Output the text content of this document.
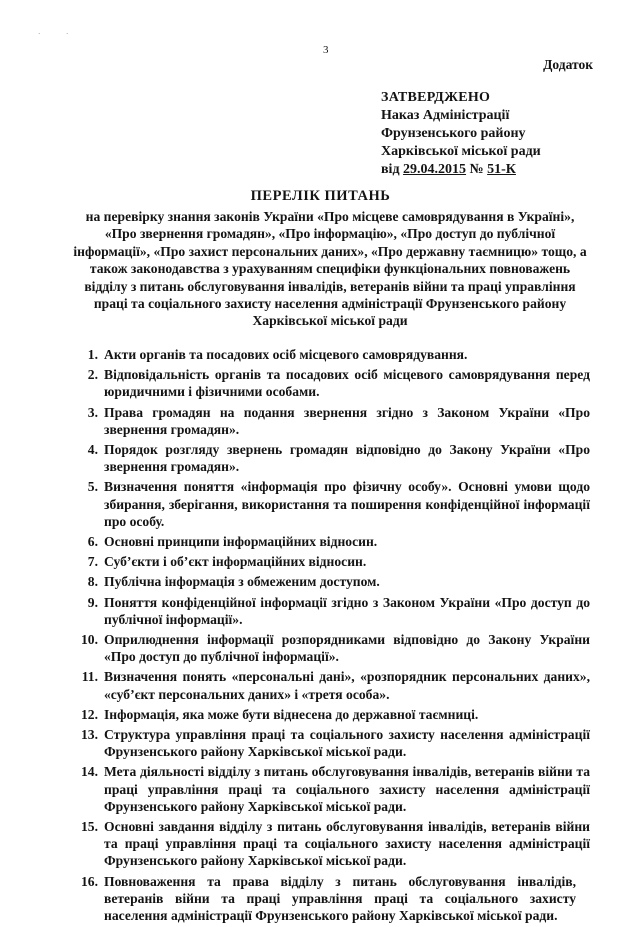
·	·
3
Додаток
ЗАТВЕРДЖЕНО
Наказ Адміністрації
Фрунзенського району
Харківської міської ради
від 29.04.2015 № 51-К
ПЕРЕЛІК ПИТАНЬ
на перевірку знання законів України «Про місцеве самоврядування в Україні», «Про звернення громадян», «Про інформацію», «Про доступ до публічної інформації», «Про захист персональних даних», «Про державну таємницю» тощо, а також законодавства з урахуванням специфіки функціональних повноважень відділу з питань обслуговування інвалідів, ветеранів війни та праці управління праці та соціального захисту населення адміністрації Фрунзенського району Харківської міської ради
1. Акти органів та посадових осіб місцевого самоврядування.
2. Відповідальність органів та посадових осіб місцевого самоврядування перед юридичними і фізичними особами.
3. Права громадян на подання звернення згідно з Законом України «Про звернення громадян».
4. Порядок розгляду звернень громадян відповідно до Закону України «Про звернення громадян».
5. Визначення поняття «інформація про фізичну особу». Основні умови щодо збирання, зберігання, використання та поширення конфіденційної інформації про особу.
6. Основні принципи інформаційних відносин.
7. Суб’єкти і об’єкт інформаційних відносин.
8. Публічна інформація з обмеженим доступом.
9. Поняття конфіденційної інформації згідно з Законом України «Про доступ до публічної інформації».
10. Оприлюднення інформації розпорядниками відповідно до Закону України «Про доступ до публічної інформації».
11. Визначення понять «персональні дані», «розпорядник персональних даних», «суб’єкт персональних даних» і «третя особа».
12. Інформація, яка може бути віднесена до державної таємниці.
13. Структура управління праці та соціального захисту населення адміністрації Фрунзенського району Харківської міської ради.
14. Мета діяльності відділу з питань обслуговування інвалідів, ветеранів війни та праці управління праці та соціального захисту населення адміністрації Фрунзенського району Харківської міської ради.
15. Основні завдання відділу з питань обслуговування інвалідів, ветеранів війни та праці управління праці та соціального захисту населення адміністрації Фрунзенського району Харківської міської ради.
16. Повноваження та права відділу з питань обслуговування інвалідів, ветеранів війни та праці управління праці та соціального захисту населення адміністрації Фрунзенського району Харківської міської ради.
